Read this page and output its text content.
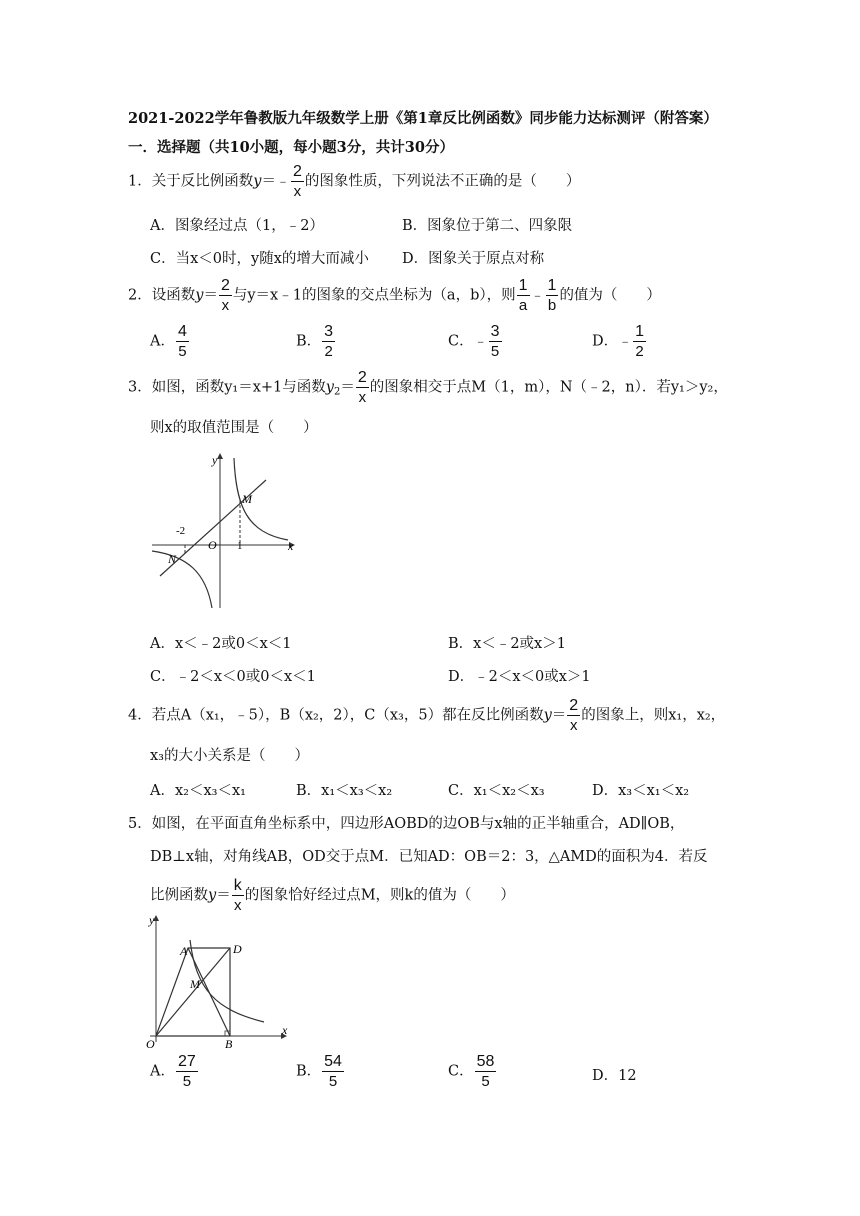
2021-2022学年鲁教版九年级数学上册《第1章反比例函数》同步能力达标测评（附答案）
一．选择题（共10小题，每小题3分，共计30分）
1．关于反比例函数y＝﹣ $\frac{2}{x}$ 的图象性质，下列说法不正确的是（　　）
A．图象经过点（1，﹣2）	B．图象位于第二、四象限
C．当x＜0时，y随x的增大而减小 D．图象关于原点对称
2．设函数$y= \frac{2}{x}$ 与y＝x﹣1的图象的交点坐标为（a，b），则 $\frac{1}{a}$ ﹣ $\frac{1}{b}$ 的值为（　　）
A． $\frac{4}{5}$	B． $\frac{3}{2}$	C．﹣ $\frac{3}{5}$	D．﹣ $\frac{1}{2}$
3．如图，函数y₁＝x+1与函数$y_2= \frac{2}{x}$ 的图象相交于点M（1，m），N（﹣2，n）．若y₁＞y₂，
则x的取值范围是（　　）
y
x
O
M
N
1
-2
A．x＜﹣2或0＜x＜1	B．x＜﹣2或x＞1
C．﹣2＜x＜0或0＜x＜1	D．﹣2＜x＜0或x＞1
4．若点A（x₁，﹣5），B（x₂，2），C（x₃，5）都在反比例函数$y= \frac{2}{x}$ 的图象上，则x₁，x₂，
x₃的大小关系是（　　）
A．x₂＜x₃＜x₁	B．x₁＜x₃＜x₂	C．x₁＜x₂＜x₃	D．x₃＜x₁＜x₂
5．如图，在平面直角坐标系中，四边形AOBD的边OB与x轴的正半轴重合，AD∥OB，
DB⊥x轴，对角线AB，OD交于点M．已知AD：OB＝2：3，△AMD的面积为4．若反
比例函数$y= \frac{k}{x}$ 的图象恰好经过点M，则k的值为（　　）
y
x
O
A	D
M
B
A． $\frac{27}{5}$	B． $\frac{54}{5}$	C． $\frac{58}{5}$	D．12
